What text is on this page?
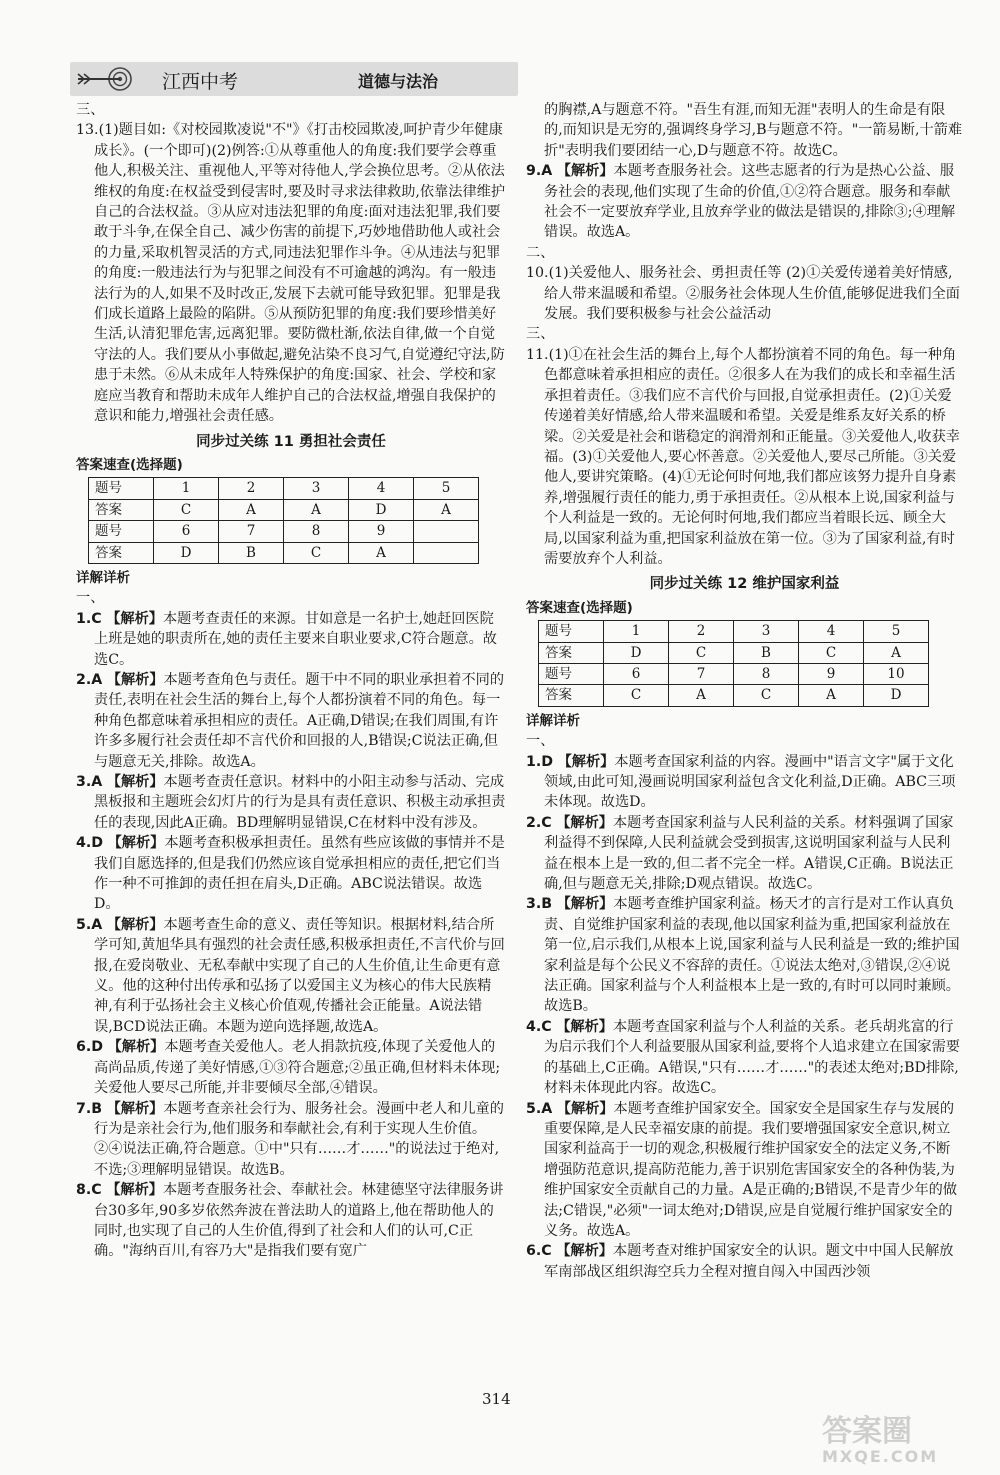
江西中考	道德与法治

三、

13.(1)题目如:《对校园欺凌说"不"》《打击校园欺凌,呵护青少年健康成长》。(一个即可)(2)例答:①从尊重他人的角度:我们要学会尊重他人,积极关注、重视他人,平等对待他人,学会换位思考。②从依法维权的角度:在权益受到侵害时,要及时寻求法律救助,依靠法律维护自己的合法权益。③从应对违法犯罪的角度:面对违法犯罪,我们要敢于斗争,在保全自己、减少伤害的前提下,巧妙地借助他人或社会的力量,采取机智灵活的方式,同违法犯罪作斗争。④从违法与犯罪的角度:一般违法行为与犯罪之间没有不可逾越的鸿沟。有一般违法行为的人,如果不及时改正,发展下去就可能导致犯罪。犯罪是我们成长道路上最险的陷阱。⑤从预防犯罪的角度:我们要珍惜美好生活,认清犯罪危害,远离犯罪。要防微杜渐,依法自律,做一个自觉守法的人。我们要从小事做起,避免沾染不良习气,自觉遵纪守法,防患于未然。⑥从未成年人特殊保护的角度:国家、社会、学校和家庭应当教育和帮助未成年人维护自己的合法权益,增强自我保护的意识和能力,增强社会责任感。

同步过关练 11 勇担社会责任
答案速查(选择题)
题号	1	2	3	4	5
答案	C	A	A	D	A
题号	6	7	8	9	
答案	D	B	C	A	
详解详析

一、

1.C 【解析】本题考查责任的来源。甘如意是一名护士,她赶回医院上班是她的职责所在,她的责任主要来自职业要求,C符合题意。故选C。

2.A 【解析】本题考查角色与责任。题干中不同的职业承担着不同的责任,表明在社会生活的舞台上,每个人都扮演着不同的角色。每一种角色都意味着承担相应的责任。A正确,D错误;在我们周围,有许许多多履行社会责任却不言代价和回报的人,B错误;C说法正确,但与题意无关,排除。故选A。

3.A 【解析】本题考查责任意识。材料中的小阳主动参与活动、完成黑板报和主题班会幻灯片的行为是具有责任意识、积极主动承担责任的表现,因此A正确。BD理解明显错误,C在材料中没有涉及。

4.D 【解析】本题考查积极承担责任。虽然有些应该做的事情并不是我们自愿选择的,但是我们仍然应该自觉承担相应的责任,把它们当作一种不可推卸的责任担在肩头,D正确。ABC说法错误。故选D。

5.A 【解析】本题考查生命的意义、责任等知识。根据材料,结合所学可知,黄旭华具有强烈的社会责任感,积极承担责任,不言代价与回报,在爱岗敬业、无私奉献中实现了自己的人生价值,让生命更有意义。他的这种付出传承和弘扬了以爱国主义为核心的伟大民族精神,有利于弘扬社会主义核心价值观,传播社会正能量。A说法错误,BCD说法正确。本题为逆向选择题,故选A。

6.D 【解析】本题考查关爱他人。老人捐款抗疫,体现了关爱他人的高尚品质,传递了美好情感,①③符合题意;②虽正确,但材料未体现;关爱他人要尽己所能,并非要倾尽全部,④错误。

7.B 【解析】本题考查亲社会行为、服务社会。漫画中老人和儿童的行为是亲社会行为,他们服务和奉献社会,有利于实现人生价值。②④说法正确,符合题意。①中"只有……才……"的说法过于绝对,不选;③理解明显错误。故选B。

8.C 【解析】本题考查服务社会、奉献社会。林建德坚守法律服务讲台30多年,90多岁依然奔波在普法助人的道路上,他在帮助他人的同时,也实现了自己的人生价值,得到了社会和人们的认可,C正确。"海纳百川,有容乃大"是指我们要有宽广

的胸襟,A与题意不符。"吾生有涯,而知无涯"表明人的生命是有限的,而知识是无穷的,强调终身学习,B与题意不符。"一箭易断,十箭难折"表明我们要团结一心,D与题意不符。故选C。

9.A 【解析】本题考查服务社会。这些志愿者的行为是热心公益、服务社会的表现,他们实现了生命的价值,①②符合题意。服务和奉献社会不一定要放弃学业,且放弃学业的做法是错误的,排除③;④理解错误。故选A。

二、

10.(1)关爱他人、服务社会、勇担责任等 (2)①关爱传递着美好情感,给人带来温暖和希望。②服务社会体现人生价值,能够促进我们全面发展。我们要积极参与社会公益活动

三、

11.(1)①在社会生活的舞台上,每个人都扮演着不同的角色。每一种角色都意味着承担相应的责任。②很多人在为我们的成长和幸福生活承担着责任。③我们应不言代价与回报,自觉承担责任。(2)①关爱传递着美好情感,给人带来温暖和希望。关爱是维系友好关系的桥梁。②关爱是社会和谐稳定的润滑剂和正能量。③关爱他人,收获幸福。(3)①关爱他人,要心怀善意。②关爱他人,要尽己所能。③关爱他人,要讲究策略。(4)①无论何时何地,我们都应该努力提升自身素养,增强履行责任的能力,勇于承担责任。②从根本上说,国家利益与个人利益是一致的。无论何时何地,我们都应当着眼长远、顾全大局,以国家利益为重,把国家利益放在第一位。③为了国家利益,有时需要放弃个人利益。

同步过关练 12 维护国家利益
答案速查(选择题)
题号	1	2	3	4	5
答案	D	C	B	C	A
题号	6	7	8	9	10
答案	C	A	C	A	D
详解详析

一、

1.D 【解析】本题考查国家利益的内容。漫画中"语言文字"属于文化领域,由此可知,漫画说明国家利益包含文化利益,D正确。ABC三项未体现。故选D。

2.C 【解析】本题考查国家利益与人民利益的关系。材料强调了国家利益得不到保障,人民利益就会受到损害,这说明国家利益与人民利益在根本上是一致的,但二者不完全一样。A错误,C正确。B说法正确,但与题意无关,排除;D观点错误。故选C。

3.B 【解析】本题考查维护国家利益。杨天才的言行是对工作认真负责、自觉维护国家利益的表现,他以国家利益为重,把国家利益放在第一位,启示我们,从根本上说,国家利益与人民利益是一致的;维护国家利益是每个公民义不容辞的责任。①说法太绝对,③错误,②④说法正确。国家利益与个人利益根本上是一致的,有时可以同时兼顾。故选B。

4.C 【解析】本题考查国家利益与个人利益的关系。老兵胡兆富的行为启示我们个人利益要服从国家利益,要将个人追求建立在国家需要的基础上,C正确。A错误,"只有……才……"的表述太绝对;BD排除,材料未体现此内容。故选C。

5.A 【解析】本题考查维护国家安全。国家安全是国家生存与发展的重要保障,是人民幸福安康的前提。我们要增强国家安全意识,树立国家利益高于一切的观念,积极履行维护国家安全的法定义务,不断增强防范意识,提高防范能力,善于识别危害国家安全的各种伪装,为维护国家安全贡献自己的力量。A是正确的;B错误,不是青少年的做法;C错误,"必须"一词太绝对;D错误,应是自觉履行维护国家安全的义务。故选A。

6.C 【解析】本题考查对维护国家安全的认识。题文中中国人民解放军南部战区组织海空兵力全程对擅自闯入中国西沙领

314
答案圈
MXQE.COM
